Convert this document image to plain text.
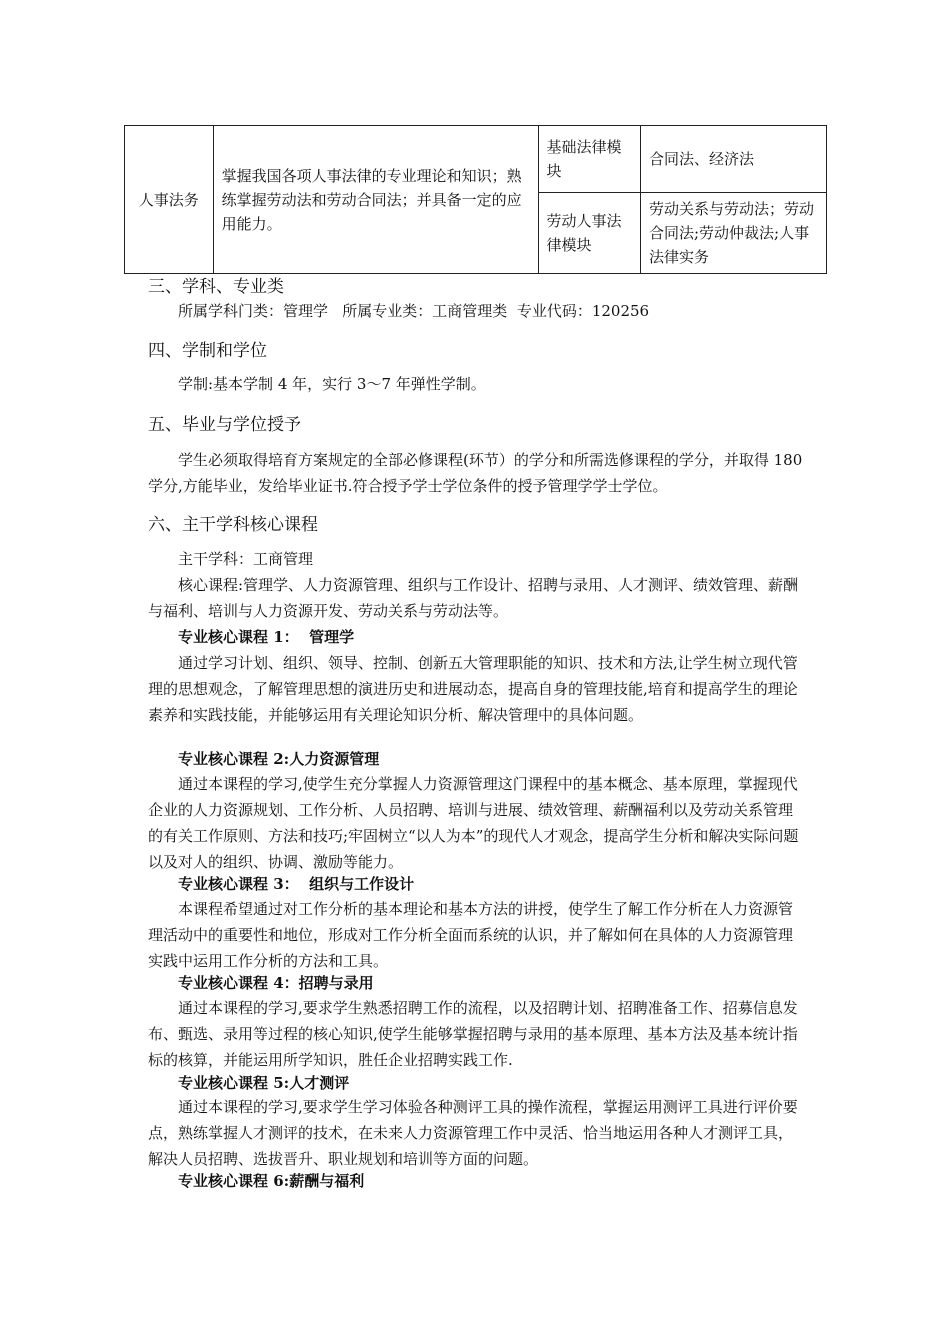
人事法务	掌握我国各项人事法律的专业理论和知识；熟练掌握劳动法和劳动合同法；并具备一定的应用能力。	基础法律模块	合同法、经济法
		劳动人事法律模块	劳动关系与劳动法；劳动合同法;劳动仲裁法;人事法律实务
三、学科、专业类
所属学科门类：管理学   所属专业类：工商管理类  专业代码：120256
四、学制和学位
学制:基本学制 4 年，实行 3～7 年弹性学制。
五、毕业与学位授予
学生必须取得培育方案规定的全部必修课程(环节）的学分和所需选修课程的学分，并取得 180 学分,方能毕业，发给毕业证书.符合授予学士学位条件的授予管理学学士学位。
六、主干学科核心课程
主干学科：工商管理
核心课程:管理学、人力资源管理、组织与工作设计、招聘与录用、人才测评、绩效管理、薪酬与福利、培训与人力资源开发、劳动关系与劳动法等。
专业核心课程 1：  管理学
通过学习计划、组织、领导、控制、创新五大管理职能的知识、技术和方法,让学生树立现代管理的思想观念，了解管理思想的演进历史和进展动态，提高自身的管理技能,培育和提高学生的理论素养和实践技能，并能够运用有关理论知识分析、解决管理中的具体问题。
专业核心课程 2:人力资源管理
通过本课程的学习,使学生充分掌握人力资源管理这门课程中的基本概念、基本原理，掌握现代企业的人力资源规划、工作分析、人员招聘、培训与进展、绩效管理、薪酬福利以及劳动关系管理的有关工作原则、方法和技巧;牢固树立“以人为本”的现代人才观念，提高学生分析和解决实际问题以及对人的组织、协调、激励等能力。
专业核心课程 3：  组织与工作设计
本课程希望通过对工作分析的基本理论和基本方法的讲授，使学生了解工作分析在人力资源管理活动中的重要性和地位，形成对工作分析全面而系统的认识，并了解如何在具体的人力资源管理实践中运用工作分析的方法和工具。
专业核心课程 4：招聘与录用
通过本课程的学习,要求学生熟悉招聘工作的流程，以及招聘计划、招聘准备工作、招募信息发布、甄选、录用等过程的核心知识,使学生能够掌握招聘与录用的基本原理、基本方法及基本统计指标的核算，并能运用所学知识，胜任企业招聘实践工作.
专业核心课程 5:人才测评
通过本课程的学习,要求学生学习体验各种测评工具的操作流程，掌握运用测评工具进行评价要点，熟练掌握人才测评的技术，在未来人力资源管理工作中灵活、恰当地运用各种人才测评工具，解决人员招聘、选拔晋升、职业规划和培训等方面的问题。
专业核心课程 6:薪酬与福利
